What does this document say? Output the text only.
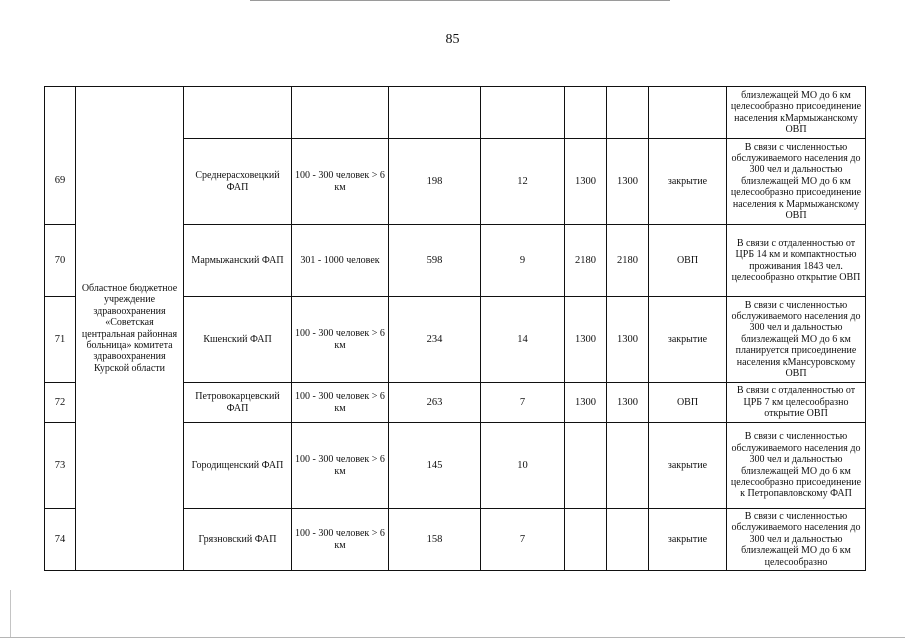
85
	Областное бюджетное учреждение здравоохранения «Советская центральная районная больница» комитета здравоохранения Курской области								близлежащей МО до 6 км целесообразно присоединение населения кМармыжанскому ОВП
69		Среднерасховецкий ФАП	100 - 300 человек > 6 км	198	12	1300	1300	закрытие	В связи с численностью обслуживаемого населения до 300 чел и дальностью близлежащей МО до 6 км целесообразно присоединение населения к Мармыжанскому ОВП
70		Мармыжанский ФАП	301 - 1000 человек	598	9	2180	2180	ОВП	В связи с отдаленностью от ЦРБ 14 км и компактностью проживания 1843 чел. целесообразно открытие ОВП
71		Кшенский ФАП	100 - 300 человек > 6 км	234	14	1300	1300	закрытие	В связи с численностью обслуживаемого населения до 300 чел и дальностью близлежащей МО до 6 км планируется присоединение населения кМансуровскому ОВП
72		Петровокарцевский ФАП	100 - 300 человек > 6 км	263	7	1300	1300	ОВП	В связи с отдаленностью от ЦРБ 7 км целесообразно открытие ОВП
73		Городищенский ФАП	100 - 300 человек > 6 км	145	10			закрытие	В связи с численностью обслуживаемого населения до 300 чел и дальностью близлежащей МО до 6 км целесообразно присоединение к Петропавловскому ФАП
74		Грязновский ФАП	100 - 300 человек > 6 км	158	7			закрытие	В связи с численностью обслуживаемого населения до 300 чел и дальностью близлежащей МО до 6 км целесообразно
